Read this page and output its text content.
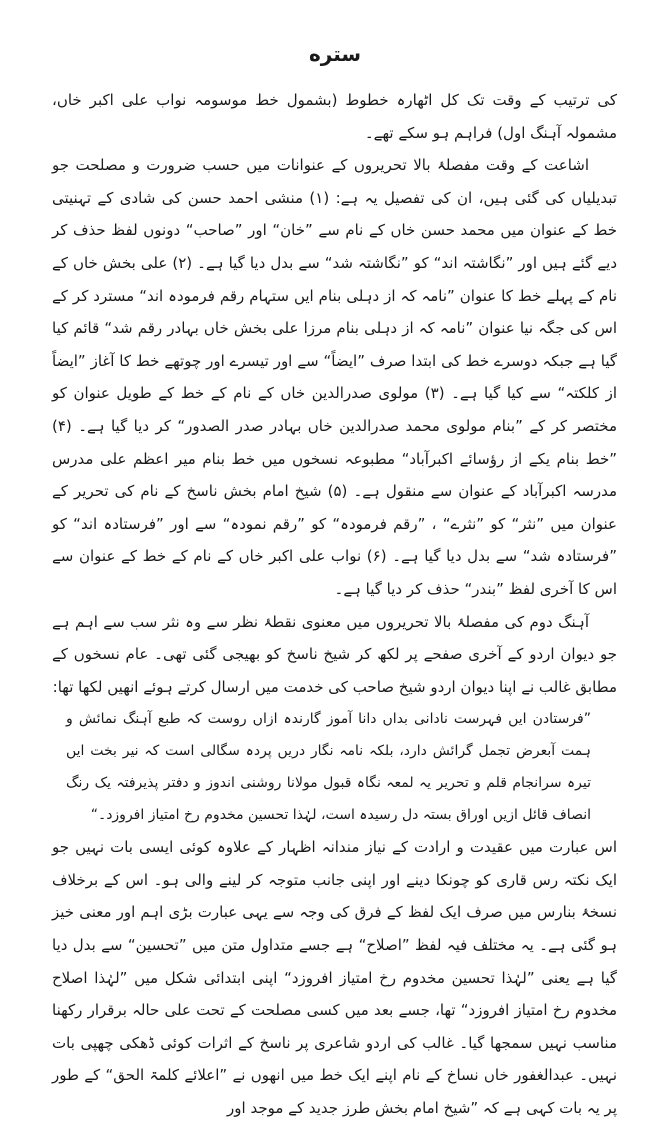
ستره

کی ترتیب کے وقت تک کل اٹھارہ خطوط (بشمول خط موسومہ نواب علی اکبر خاں، مشمولہ آہنگ اول) فراہم ہو سکے تھے۔

اشاعت کے وقت مفصلۂ بالا تحریروں کے عنوانات میں حسب ضرورت و مصلحت جو تبدیلیاں کی گئی ہیں، ان کی تفصیل یہ ہے: (۱) منشی احمد حسن کی شادی کے تہنیتی خط کے عنوان میں محمد حسن خاں کے نام سے ”خان“ اور ”صاحب“ دونوں لفظ حذف کر دیے گئے ہیں اور ”نگاشتہ اند“ کو ”نگاشتہ شد“ سے بدل دیا گیا ہے۔ (۲) علی بخش خاں کے نام کے پہلے خط کا عنوان ”نامہ کہ از دہلی بنام ایں ستہام رقم فرمودہ اند“ مسترد کر کے اس کی جگہ نیا عنوان ”نامہ کہ از دہلی بنام مرزا علی بخش خاں بہادر رقم شد“ قائم کیا گیا ہے جبکہ دوسرے خط کی ابتدا صرف ”ایضاً“ سے اور تیسرے اور چوتھے خط کا آغاز ”ایضاً از کلکتہ“ سے کیا گیا ہے۔ (۳) مولوی صدرالدین خاں کے نام کے خط کے طویل عنوان کو مختصر کر کے ”بنام مولوی محمد صدرالدین خاں بہادر صدر الصدور“ کر دیا گیا ہے۔ (۴) ”خط بنام یکے از رؤسائے اکبرآباد“ مطبوعہ نسخوں میں خط بنام میر اعظم علی مدرس مدرسہ اکبرآباد کے عنوان سے منقول ہے۔ (۵) شیخ امام بخش ناسخ کے نام کی تحریر کے عنوان میں ”نثر“ کو ”نثرے“ ، ”رقم فرمودہ“ کو ”رقم نمودہ“ سے اور ”فرستادہ اند“ کو ”فرستادہ شد“ سے بدل دیا گیا ہے۔ (۶) نواب علی اکبر خاں کے نام کے خط کے عنوان سے اس کا آخری لفظ ”بندر“ حذف کر دیا گیا ہے۔

آہنگ دوم کی مفصلۂ بالا تحریروں میں معنوی نقطۂ نظر سے وہ نثر سب سے اہم ہے جو دیوان اردو کے آخری صفحے پر لکھ کر شیخ ناسخ کو بھیجی گئی تھی۔ عام نسخوں کے مطابق غالب نے اپنا دیوان اردو شیخ صاحب کی خدمت میں ارسال کرتے ہوئے انھیں لکھا تھا:

”فرستادن ایں فہرست نادانی بداں دانا آموز گارندہ ازاں روست کہ طبع آہنگ نمائش و ہمت آبعرض تجمل گرائش دارد، بلکہ نامہ نگار دریں پردہ سگالی است کہ نیر بخت ایں تیرہ سرانجام قلم و تحریر یہ لمعہ نگاہ قبول مولانا روشنی اندوز و دفتر پذیرفتہ یک رنگ انصاف قائل ازیں اوراق بستہ دل رسیدہ است، لہٰذا تحسین مخدوم رخ امتیاز افروزد۔“

اس عبارت میں عقیدت و ارادت کے نیاز مندانہ اظہار کے علاوہ کوئی ایسی بات نہیں جو ایک نکتہ رس قاری کو چونکا دینے اور اپنی جانب متوجہ کر لینے والی ہو۔ اس کے برخلاف نسخۂ بنارس میں صرف ایک لفظ کے فرق کی وجہ سے یہی عبارت بڑی اہم اور معنی خیز ہو گئی ہے۔ یہ مختلف فیہ لفظ ”اصلاح“ ہے جسے متداول متن میں ”تحسین“ سے بدل دیا گیا ہے یعنی ”لہٰذا تحسین مخدوم رخ امتیاز افروزد“ اپنی ابتدائی شکل میں ”لہٰذا اصلاح مخدوم رخ امتیاز افروزد“ تھا، جسے بعد میں کسی مصلحت کے تحت علی حالہ برقرار رکھنا مناسب نہیں سمجھا گیا۔ غالب کی اردو شاعری پر ناسخ کے اثرات کوئی ڈھکی چھپی بات نہیں۔ عبدالغفور خاں نساخ کے نام اپنے ایک خط میں انھوں نے ”اعلائے کلمۃ الحق“ کے طور پر یہ بات کہی ہے کہ ”شیخ امام بخش طرز جدید کے موجد اور
